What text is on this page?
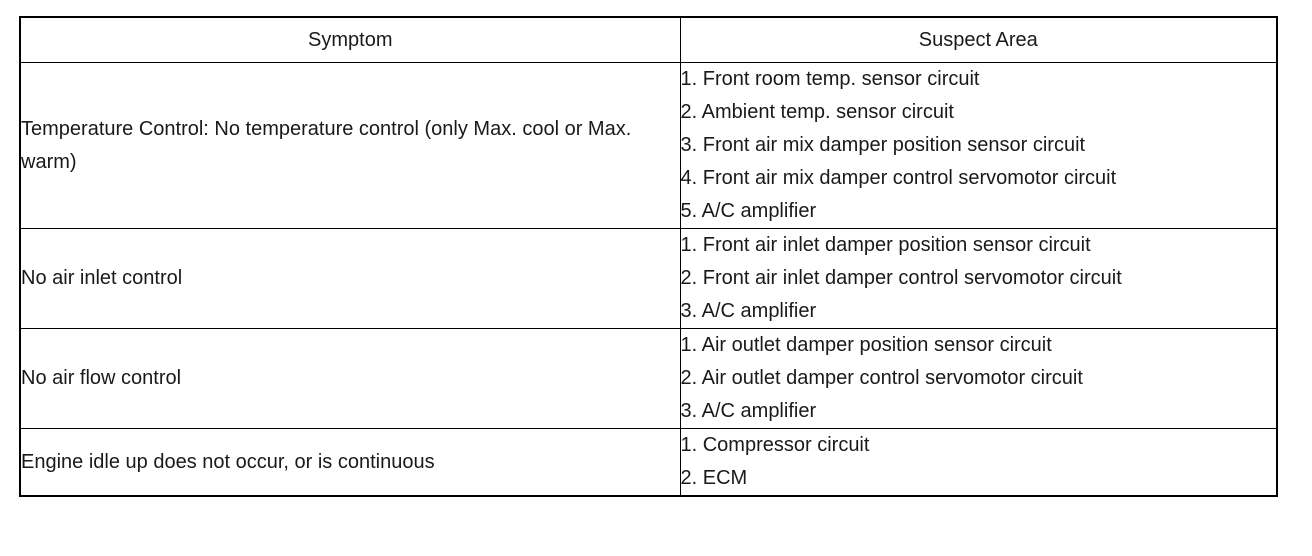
Symptom	Suspect Area
Temperature Control: No temperature control (only Max. cool or Max. warm)	1. Front room temp. sensor circuit
2. Ambient temp. sensor circuit
3. Front air mix damper position sensor circuit
4. Front air mix damper control servomotor circuit
5. A/C amplifier

No air inlet control	1. Front air inlet damper position sensor circuit
2. Front air inlet damper control servomotor circuit
3. A/C amplifier

No air flow control	1. Air outlet damper position sensor circuit
2. Air outlet damper control servomotor circuit
3. A/C amplifier

Engine idle up does not occur, or is continuous	1. Compressor circuit
2. ECM
